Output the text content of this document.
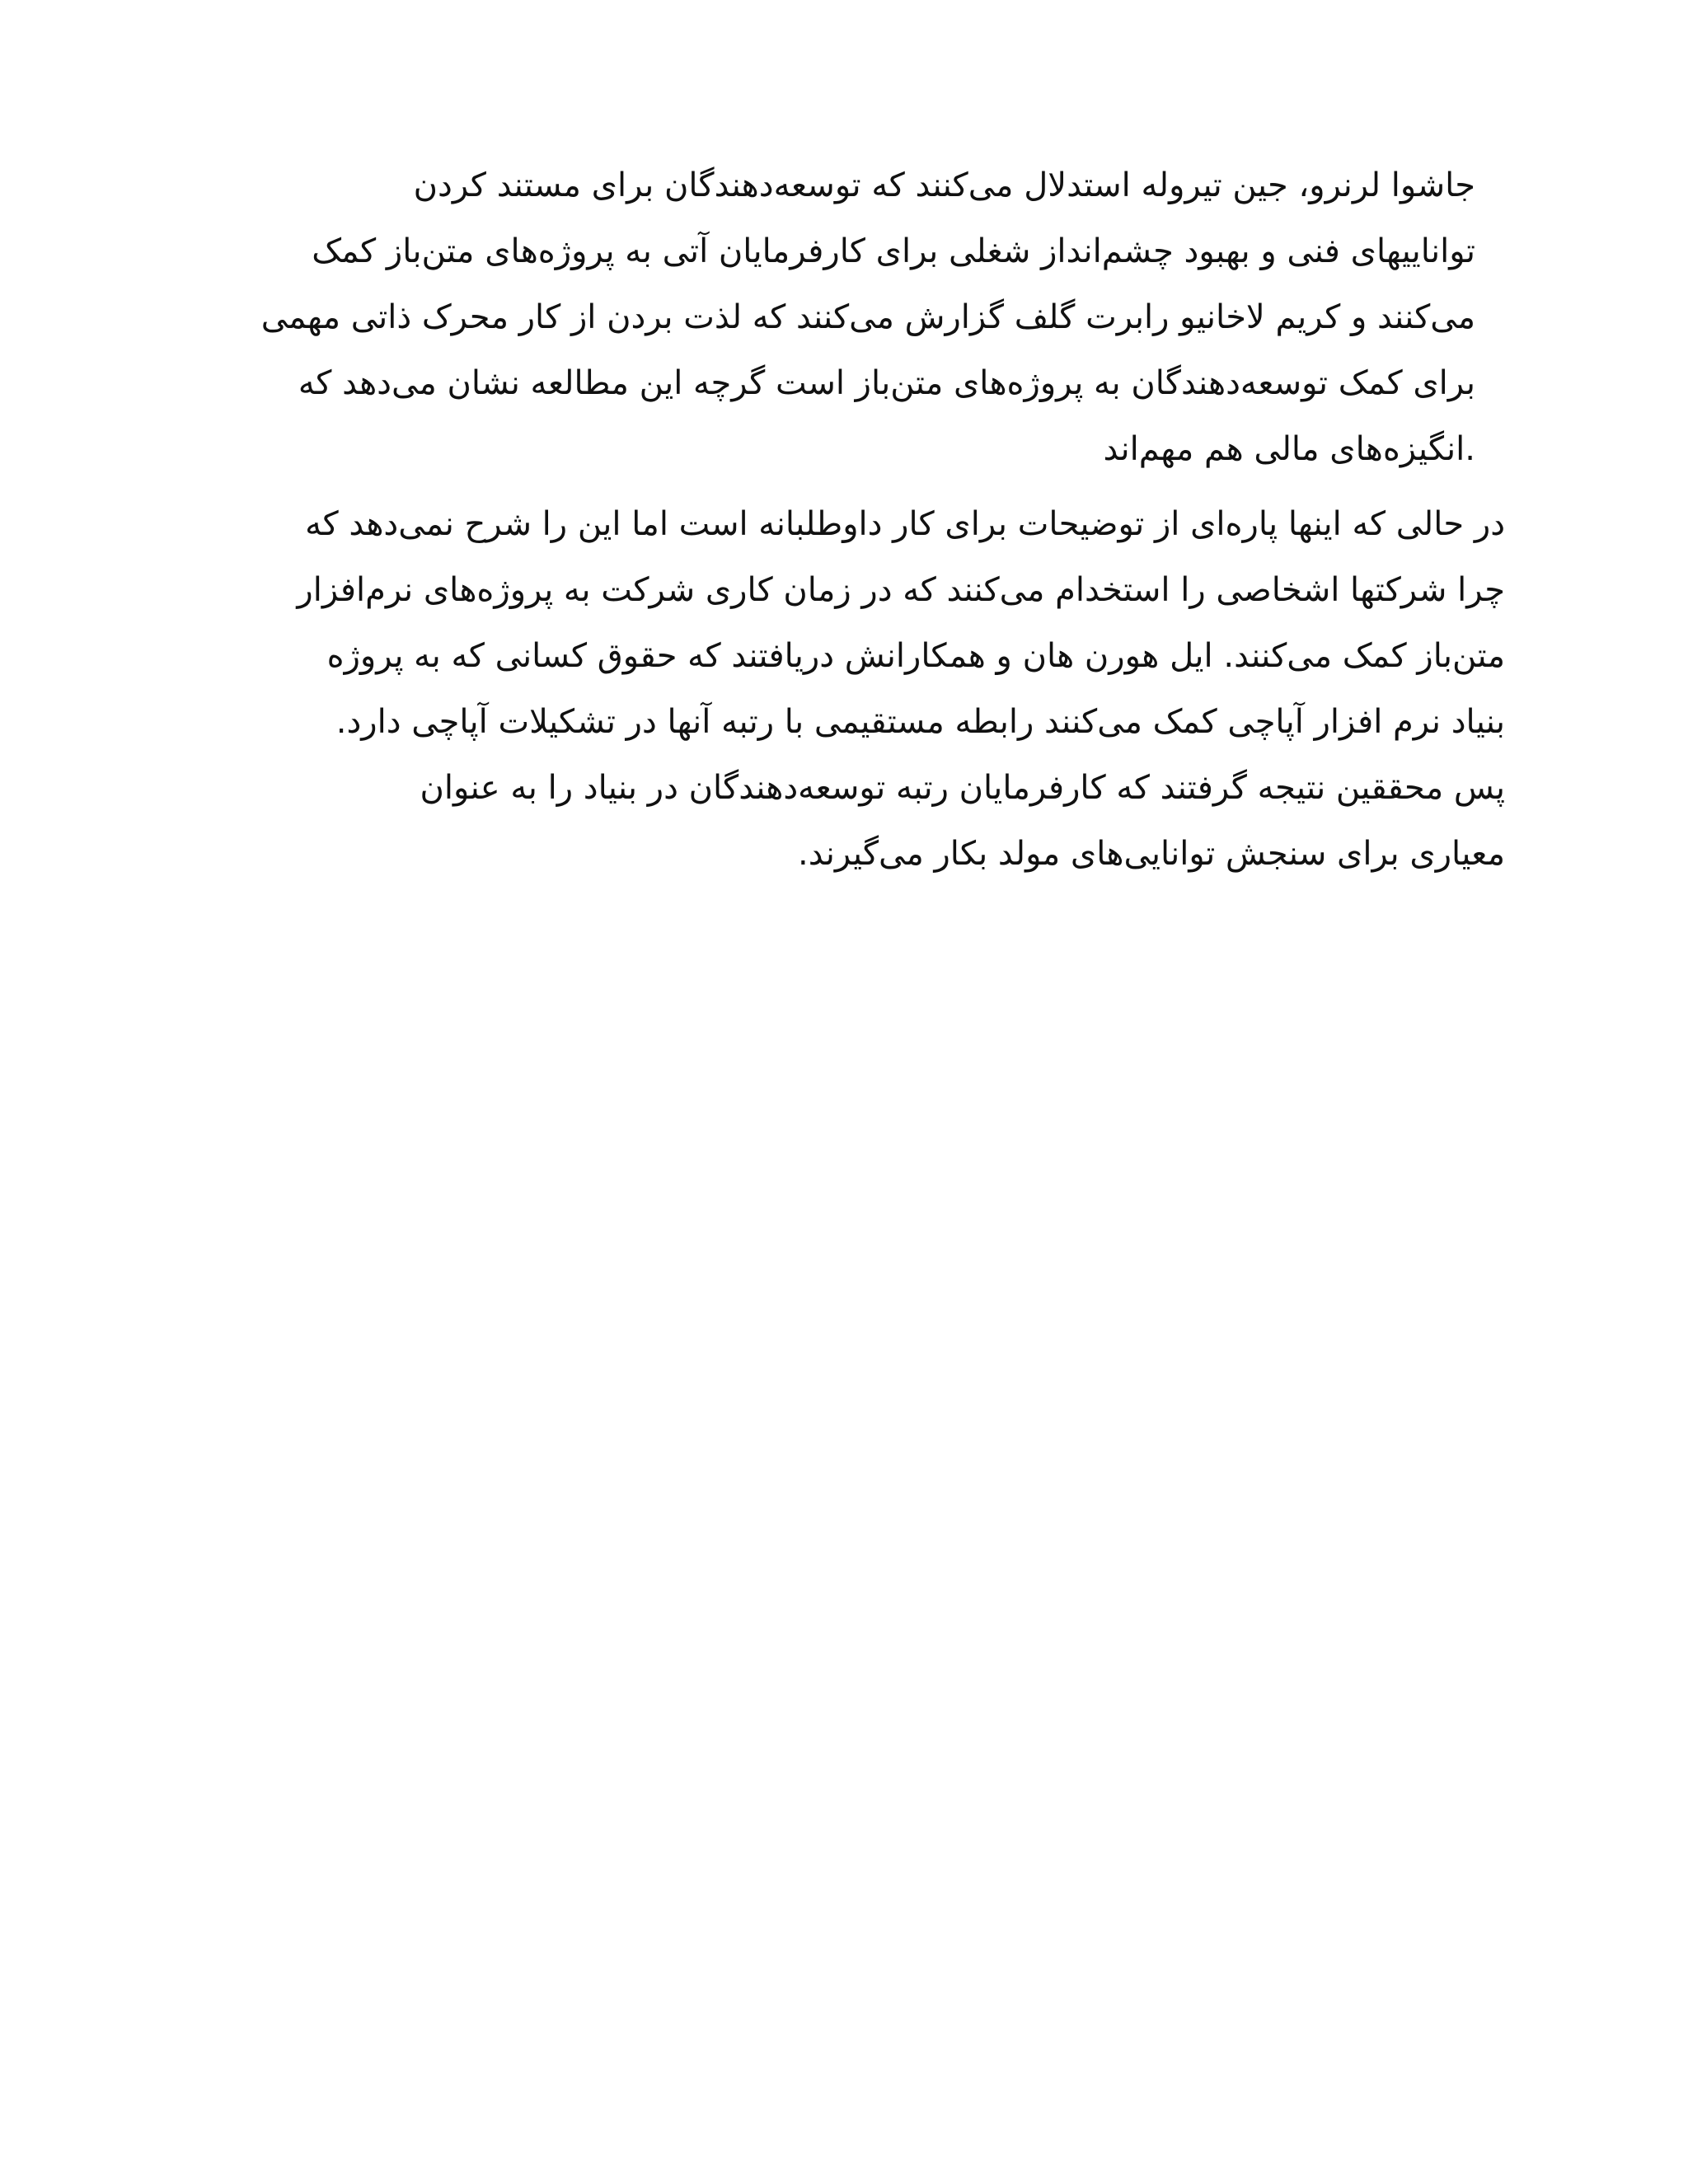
جاشوا لرنرو، جین تیروله استدلال می‌کنند که توسعه‌دهندگان برای مستند کردن
تواناییهای فنی و بهبود چشم‌انداز شغلی برای کارفرمایان آتی به پروژه‌های متن‌باز کمک
می‌کنند و کریم لاخانیو رابرت گلف گزارش می‌کنند که لذت بردن از کار محرک ذاتی مهمی
برای کمک توسعه‌دهندگان به پروژه‌های متن‌باز است گرچه این مطالعه نشان می‌دهد که
.انگیزه‌های مالی هم مهم‌اند
در حالی که اینها پاره‌ای از توضیحات برای کار داوطلبانه است اما این را شرح نمی‌دهد که
چرا شرکتها اشخاصی را استخدام می‌کنند که در زمان کاری شرکت به پروژه‌های نرم‌افزار
متن‌باز کمک می‌کنند. ایل هورن هان و همکارانش دریافتند که حقوق کسانی که به پروژه
بنیاد نرم افزار آپاچی کمک می‌کنند رابطه مستقیمی با رتبه آنها در تشکیلات آپاچی دارد.
پس محققین نتیجه گرفتند که کارفرمایان رتبه توسعه‌دهندگان در بنیاد را به عنوان
معیاری برای سنجش توانایی‌های مولد بکار می‌گیرند.
